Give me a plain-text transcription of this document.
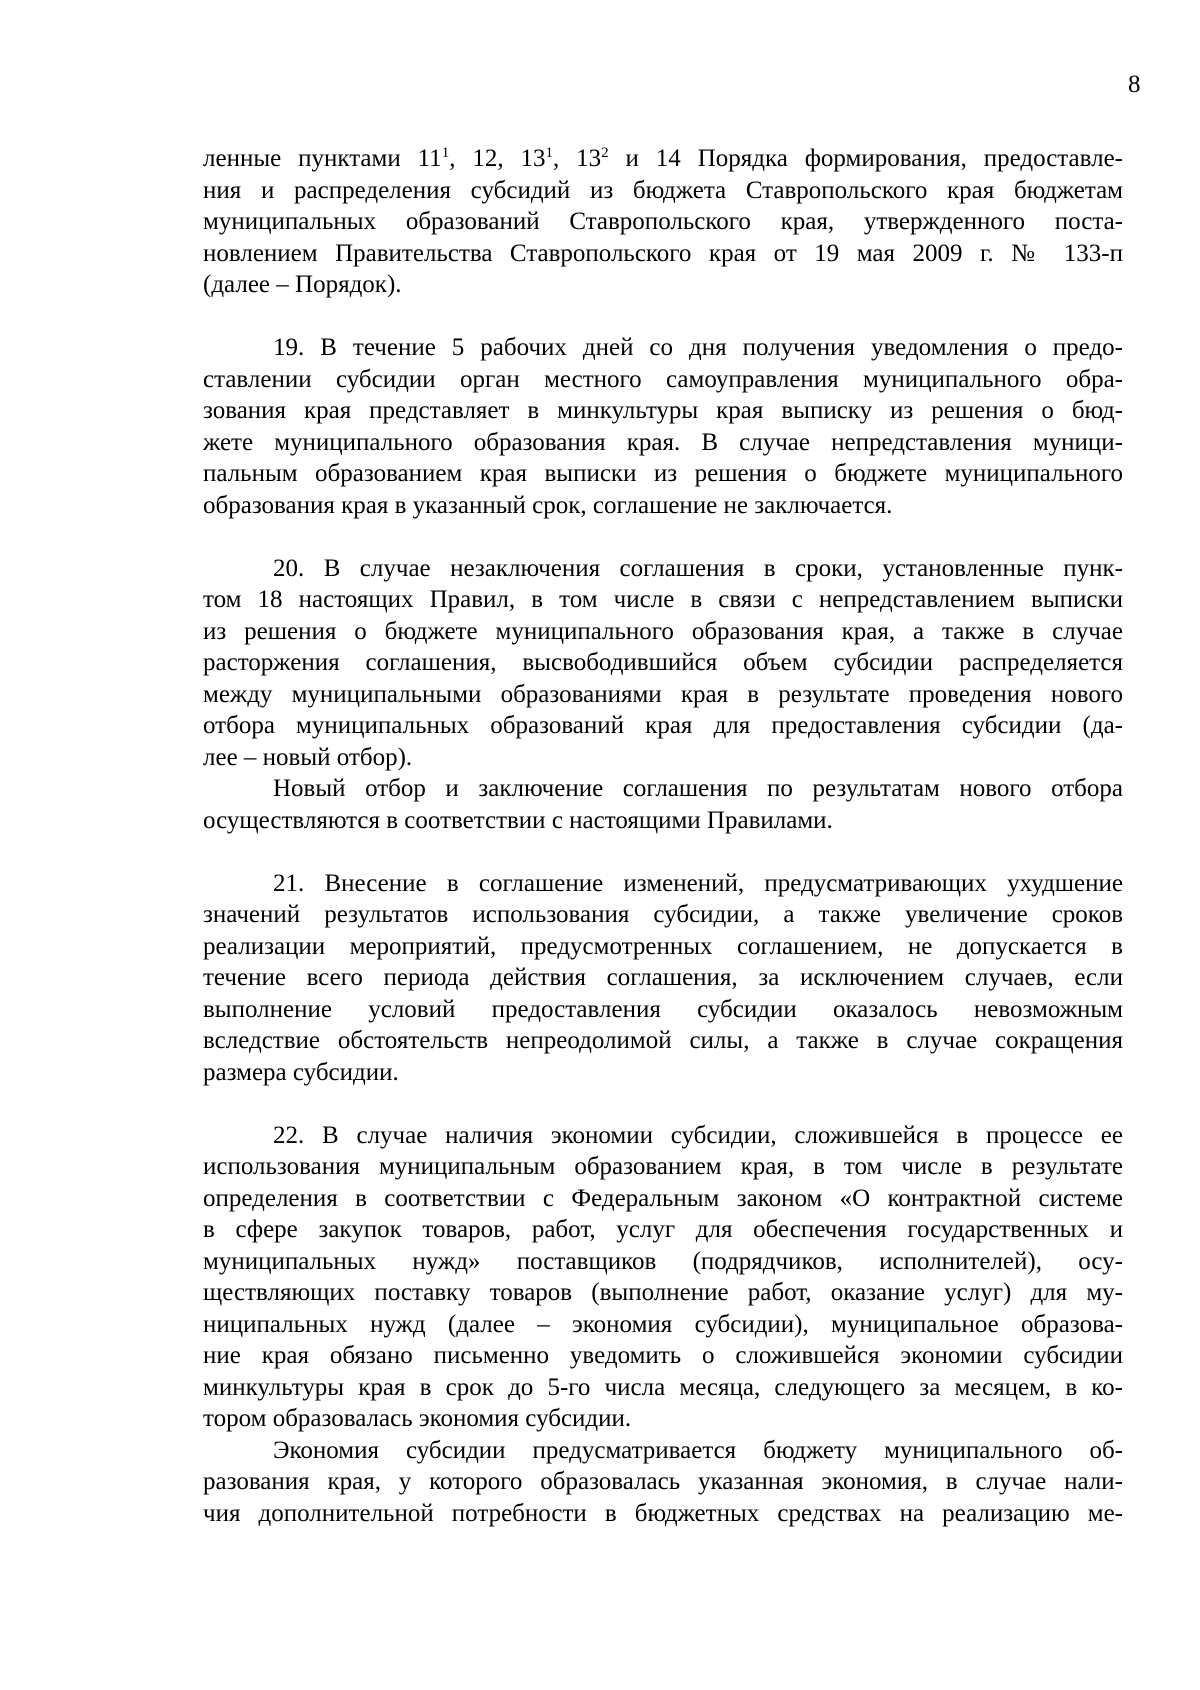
8
ленные пунктами $11^1$, 12, $13^1$, $13^2$ и 14 Порядка формирования, предоставле-
ния и распределения субсидий из бюджета Ставропольского края бюджетам
муниципальных образований Ставропольского края, утвержденного поста-
новлением Правительства Ставропольского края от 19 мая 2009 г. № 133-п
(далее – Порядок).
19. В течение 5 рабочих дней со дня получения уведомления о предо-
ставлении субсидии орган местного самоуправления муниципального обра-
зования края представляет в минкультуры края выписку из решения о бюд-
жете муниципального образования края. В случае непредставления муници-
пальным образованием края выписки из решения о бюджете муниципального
образования края в указанный срок, соглашение не заключается.
20. В случае незаключения соглашения в сроки, установленные пунк-
том 18 настоящих Правил, в том числе в связи с непредставлением выписки
из решения о бюджете муниципального образования края, а также в случае
расторжения соглашения, высвободившийся объем субсидии распределяется
между муниципальными образованиями края в результате проведения нового
отбора муниципальных образований края для предоставления субсидии (да-
лее – новый отбор).
Новый отбор и заключение соглашения по результатам нового отбора
осуществляются в соответствии с настоящими Правилами.
21. Внесение в соглашение изменений, предусматривающих ухудшение
значений результатов использования субсидии, а также увеличение сроков
реализации мероприятий, предусмотренных соглашением, не допускается в
течение всего периода действия соглашения, за исключением случаев, если
выполнение условий предоставления субсидии оказалось невозможным
вследствие обстоятельств непреодолимой силы, а также в случае сокращения
размера субсидии.
22. В случае наличия экономии субсидии, сложившейся в процессе ее
использования муниципальным образованием края, в том числе в результате
определения в соответствии с Федеральным законом «О контрактной системе
в сфере закупок товаров, работ, услуг для обеспечения государственных и
муниципальных нужд» поставщиков (подрядчиков, исполнителей), осу-
ществляющих поставку товаров (выполнение работ, оказание услуг) для му-
ниципальных нужд (далее – экономия субсидии), муниципальное образова-
ние края обязано письменно уведомить о сложившейся экономии субсидии
минкультуры края в срок до 5-го числа месяца, следующего за месяцем, в ко-
тором образовалась экономия субсидии.
Экономия субсидии предусматривается бюджету муниципального об-
разования края, у которого образовалась указанная экономия, в случае нали-
чия дополнительной потребности в бюджетных средствах на реализацию ме-
